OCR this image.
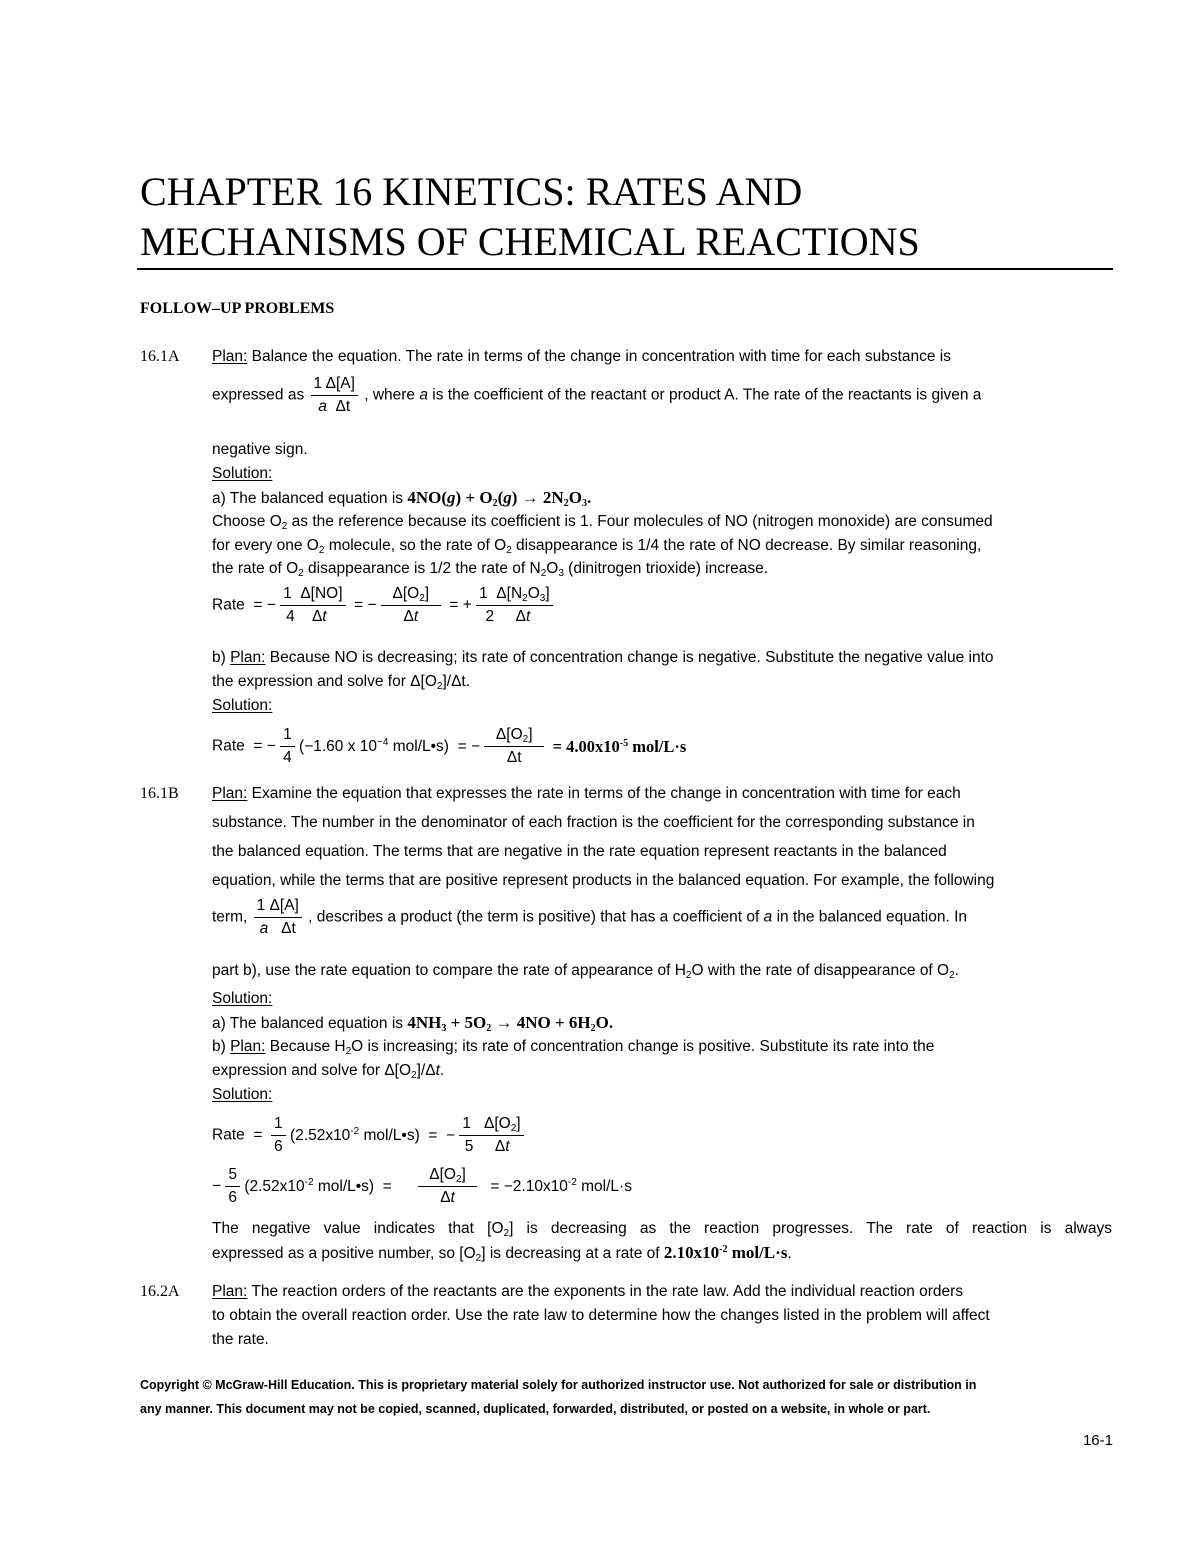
CHAPTER 16 KINETICS: RATES AND
MECHANISMS OF CHEMICAL REACTIONS
FOLLOW–UP PROBLEMS
16.1A Plan: Balance the equation. The rate in terms of the change in concentration with time for each substance is
expressed as $\frac{1 \Delta[A]}{\text{a  Δt}}$ , where a is the coefficient of the reactant or product A. The rate of the reactants is given a
negative sign.
Solution:
a) The balanced equation is $4NO(g) + O_2(g) \to 2N_2O_3$.
Choose $O_2$ as the reference because its coefficient is 1. Four molecules of NO (nitrogen monoxide) are consumed
for every one $O_2$ molecule, so the rate of $O_2$ disappearance is 1/4 the rate of NO decrease. By similar reasoning,
the rate of $O_2$ disappearance is 1/2 the rate of $N_2O_3$ (dinitrogen trioxide) increase.
Rate  = − $\frac{1 \Delta[NO]}{4 \Delta t}$ = − $\frac{\Delta[O_2]}{\Delta t}$ = + $\frac{1 \Delta[N_2O_3]}{2 \Delta t}$
b) Plan: Because NO is decreasing; its rate of concentration change is negative. Substitute the negative value into
the expression and solve for $\Delta[O_2]/\Delta t$.
Solution:
Rate  = − $\frac{1}{4} (-1.60$ x $10^{-4}$ mol/L•s)  = − $\frac{\Delta[O_2]}{\Delta t} = 4.00x10^{-5}$ mol/L·s
16.1B Plan: Examine the equation that expresses the rate in terms of the change in concentration with time for each
substance. The number in the denominator of each fraction is the coefficient for the corresponding substance in
the balanced equation. The terms that are negative in the rate equation represent reactants in the balanced
equation, while the terms that are positive represent products in the balanced equation. For example, the following
term, $\frac{1 \Delta[A]}{\text{a   Δt}}$ , describes a product (the term is positive) that has a coefficient of a in the balanced equation. In
part b), use the rate equation to compare the rate of appearance of $H_2O$ with the rate of disappearance of $O_2$.
Solution:
a) The balanced equation is $4NH_3 + 5O_2 \to 4NO + 6H_2O$.
b) Plan: Because $H_2O$ is increasing; its rate of concentration change is positive. Substitute its rate into the
expression and solve for $\Delta[O_2]/\Delta t$.
Solution:
Rate  = $\frac{1}{6} (2.52x10^{-2}$ mol/L•s)  =  − $\frac{1 \Delta[O_2]}{5 \Delta t}$
− $\frac{5}{6} (2.52x10^{-2}$ mol/L•s)  = $\frac{\Delta[O_2]}{\Delta t} = -2.10x10^{-2}$ mol/L·s
The negative value indicates that $[O_2]$ is decreasing as the reaction progresses. The rate of reaction is always
expressed as a positive number, so $[O_2]$ is decreasing at a rate of $2.10x10^{-2}$ mol/L·s.
16.2A Plan: The reaction orders of the reactants are the exponents in the rate law. Add the individual reaction orders
to obtain the overall reaction order. Use the rate law to determine how the changes listed in the problem will affect
the rate.
Copyright © McGraw-Hill Education. This is proprietary material solely for authorized instructor use. Not authorized for sale or distribution in
any manner. This document may not be copied, scanned, duplicated, forwarded, distributed, or posted on a website, in whole or part.
16-1
